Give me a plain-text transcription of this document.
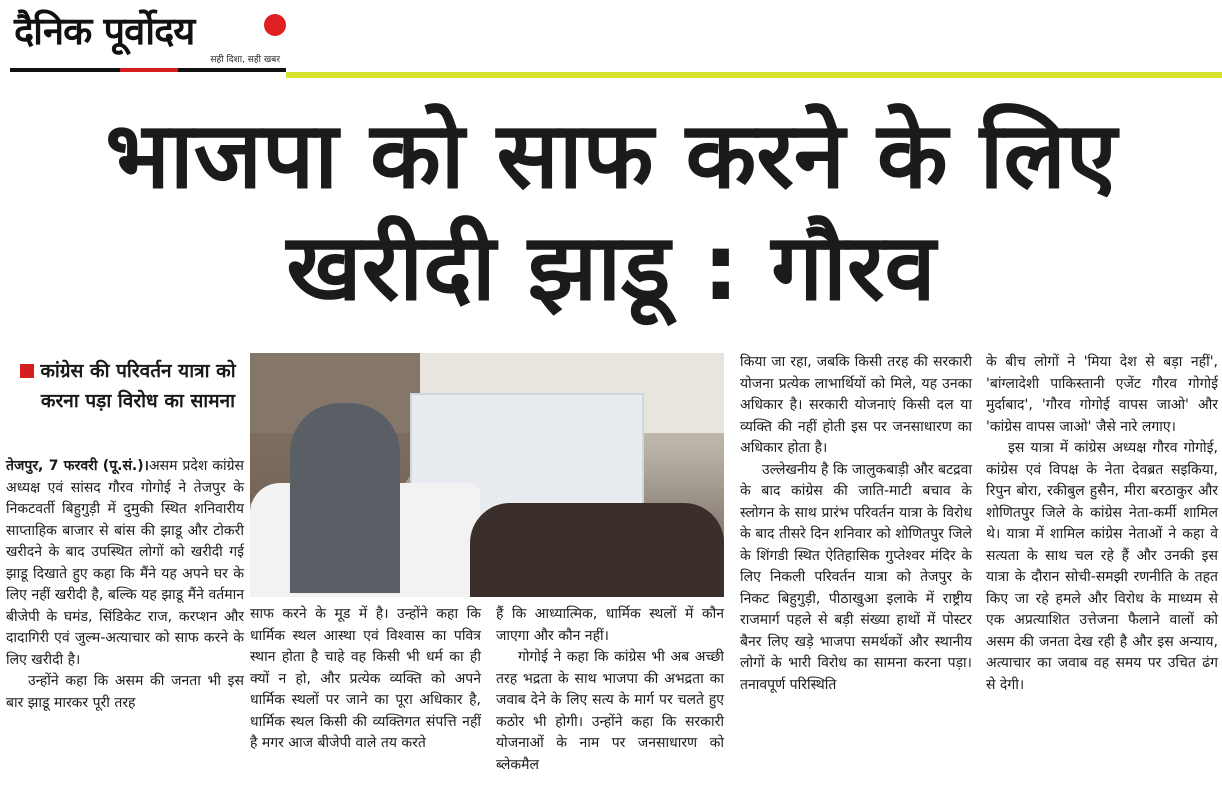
दैनिक पूर्वोदय
सही दिशा, सही खबर
भाजपा को साफ करने के लिए खरीदी झाडू : गौरव
कांग्रेस की परिवर्तन यात्रा को करना पड़ा विरोध का सामना

तेजपुर, 7 फरवरी (पू.सं.)।असम प्रदेश कांग्रेस अध्यक्ष एवं सांसद गौरव गोगोई ने तेजपुर के निकटवर्ती बिहुगुड़ी में दुमुकी स्थित शनिवारीय साप्ताहिक बाजार से बांस की झाडू और टोकरी खरीदने के बाद उपस्थित लोगों को खरीदी गई झाडू दिखाते हुए कहा कि मैंने यह अपने घर के लिए नहीं खरीदी है, बल्कि यह झाडू मैंने वर्तमान बीजेपी के घमंड, सिंडिकेट राज, करप्शन और दादागिरी एवं जुल्म-अत्याचार को साफ करने के लिए खरीदी है।

उन्होंने कहा कि असम की जनता भी इस बार झाडू मारकर पूरी तरह

साफ करने के मूड में है। उन्होंने कहा कि धार्मिक स्थल आस्था एवं विश्वास का पवित्र स्थान होता है चाहे वह किसी भी धर्म का ही क्यों न हो, और प्रत्येक व्यक्ति को अपने धार्मिक स्थलों पर जाने का पूरा अधिकार है, धार्मिक स्थल किसी की व्यक्तिगत संपत्ति नहीं है मगर आज बीजेपी वाले तय करते

हैं कि आध्यात्मिक, धार्मिक स्थलों में कौन जाएगा और कौन नहीं।

गोगोई ने कहा कि कांग्रेस भी अब अच्छी तरह भद्रता के साथ भाजपा की अभद्रता का जवाब देने के लिए सत्य के मार्ग पर चलते हुए कठोर भी होगी। उन्होंने कहा कि सरकारी योजनाओं के नाम पर जनसाधारण को ब्लेकमैल

किया जा रहा, जबकि किसी तरह की सरकारी योजना प्रत्येक लाभार्थियों को मिले, यह उनका अधिकार है। सरकारी योजनाएं किसी दल या व्यक्ति की नहीं होती इस पर जनसाधारण का अधिकार होता है।

उल्लेखनीय है कि जालुकबाड़ी और बटद्रवा के बाद कांग्रेस की जाति-माटी बचाव के स्लोगन के साथ प्रारंभ परिवर्तन यात्रा के विरोध के बाद तीसरे दिन शनिवार को शोणितपुर जिले के शिंगडी स्थित ऐतिहासिक गुप्तेश्वर मंदिर के लिए निकली परिवर्तन यात्रा को तेजपुर के निकट बिहुगुड़ी, पीठाखुआ इलाके में राष्ट्रीय राजमार्ग पहले से बड़ी संख्या हाथों में पोस्टर बैनर लिए खड़े भाजपा समर्थकों और स्थानीय लोगों के भारी विरोध का सामना करना पड़ा। तनावपूर्ण परिस्थिति

के बीच लोगों ने 'मिया देश से बड़ा नहीं', 'बांग्लादेशी पाकिस्तानी एजेंट गौरव गोगोई मुर्दाबाद', 'गौरव गोगोई वापस जाओ' और 'कांग्रेस वापस जाओ' जैसे नारे लगाए।

इस यात्रा में कांग्रेस अध्यक्ष गौरव गोगोई, कांग्रेस एवं विपक्ष के नेता देवब्रत सइकिया, रिपुन बोरा, रकीबुल हुसैन, मीरा बरठाकुर और शोणितपुर जिले के कांग्रेस नेता-कर्मी शामिल थे। यात्रा में शामिल कांग्रेस नेताओं ने कहा वे सत्यता के साथ चल रहे हैं और उनकी इस यात्रा के दौरान सोची-समझी रणनीति के तहत किए जा रहे हमले और विरोध के माध्यम से एक अप्रत्याशित उत्तेजना फैलाने वालों को असम की जनता देख रही है और इस अन्याय, अत्याचार का जवाब वह समय पर उचित ढंग से देगी।
